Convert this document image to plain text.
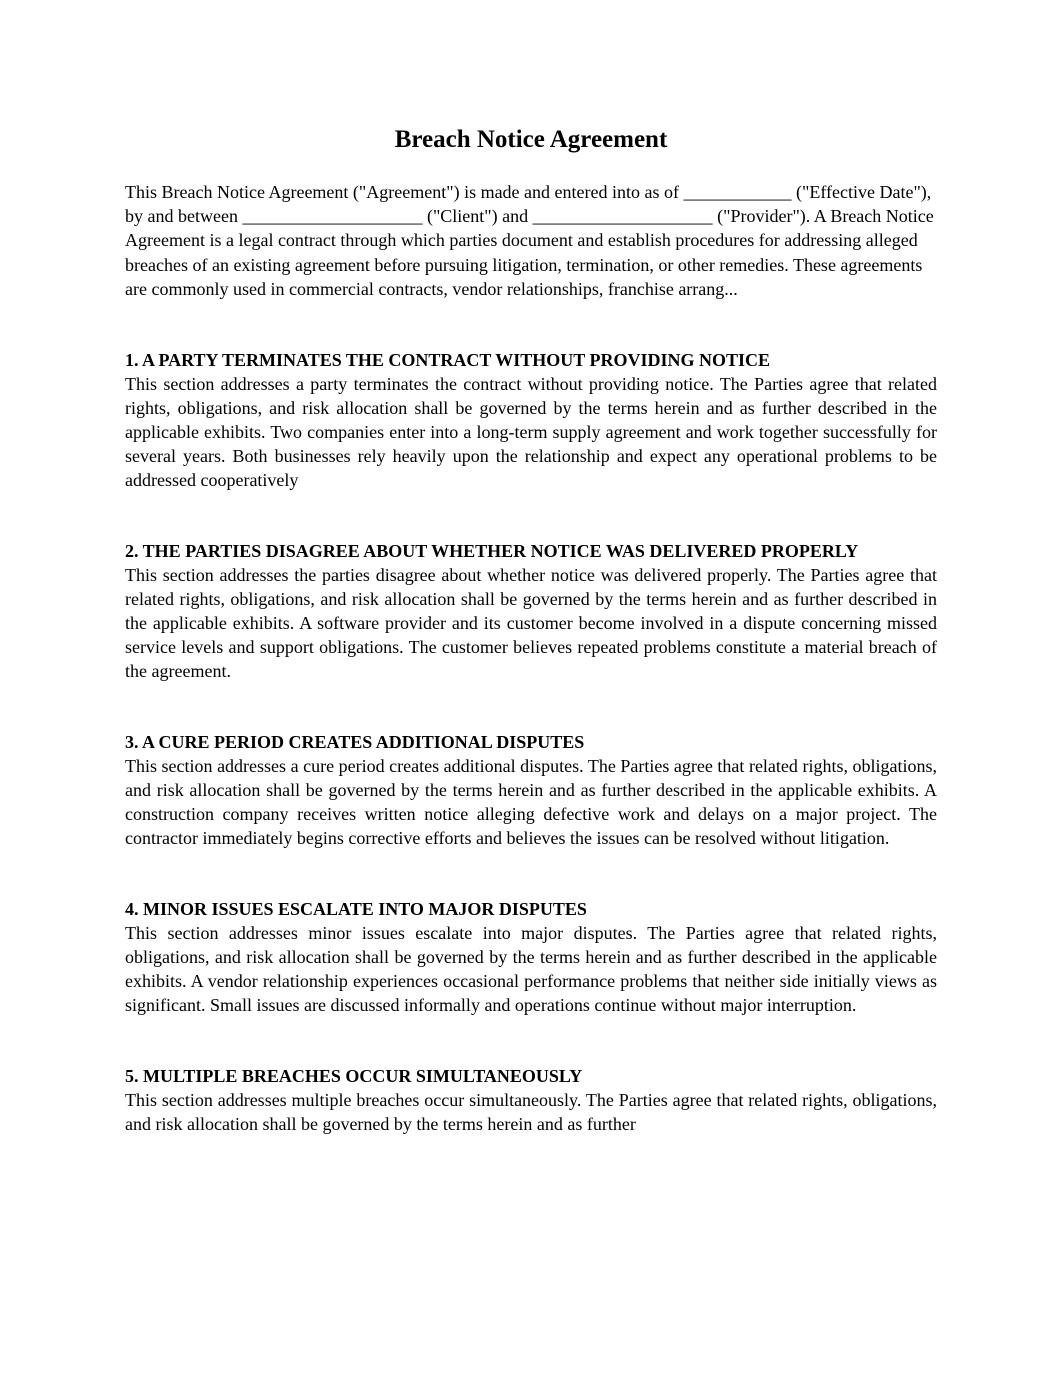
Breach Notice Agreement

This Breach Notice Agreement ("Agreement") is made and entered into as of ____________ ("Effective Date"), by and between ____________________ ("Client") and ____________________ ("Provider"). A Breach Notice Agreement is a legal contract through which parties document and establish procedures for addressing alleged breaches of an existing agreement before pursuing litigation, termination, or other remedies. These agreements are commonly used in commercial contracts, vendor relationships, franchise arrang...

1. A PARTY TERMINATES THE CONTRACT WITHOUT PROVIDING NOTICE

This section addresses a party terminates the contract without providing notice. The Parties agree that related rights, obligations, and risk allocation shall be governed by the terms herein and as further described in the applicable exhibits. Two companies enter into a long-term supply agreement and work together successfully for several years. Both businesses rely heavily upon the relationship and expect any operational problems to be addressed cooperatively

2. THE PARTIES DISAGREE ABOUT WHETHER NOTICE WAS DELIVERED PROPERLY

This section addresses the parties disagree about whether notice was delivered properly. The Parties agree that related rights, obligations, and risk allocation shall be governed by the terms herein and as further described in the applicable exhibits. A software provider and its customer become involved in a dispute concerning missed service levels and support obligations. The customer believes repeated problems constitute a material breach of the agreement.

3. A CURE PERIOD CREATES ADDITIONAL DISPUTES

This section addresses a cure period creates additional disputes. The Parties agree that related rights, obligations, and risk allocation shall be governed by the terms herein and as further described in the applicable exhibits. A construction company receives written notice alleging defective work and delays on a major project. The contractor immediately begins corrective efforts and believes the issues can be resolved without litigation.

4. MINOR ISSUES ESCALATE INTO MAJOR DISPUTES

This section addresses minor issues escalate into major disputes. The Parties agree that related rights, obligations, and risk allocation shall be governed by the terms herein and as further described in the applicable exhibits. A vendor relationship experiences occasional performance problems that neither side initially views as significant. Small issues are discussed informally and operations continue without major interruption.

5. MULTIPLE BREACHES OCCUR SIMULTANEOUSLY

This section addresses multiple breaches occur simultaneously. The Parties agree that related rights, obligations, and risk allocation shall be governed by the terms herein and as further
